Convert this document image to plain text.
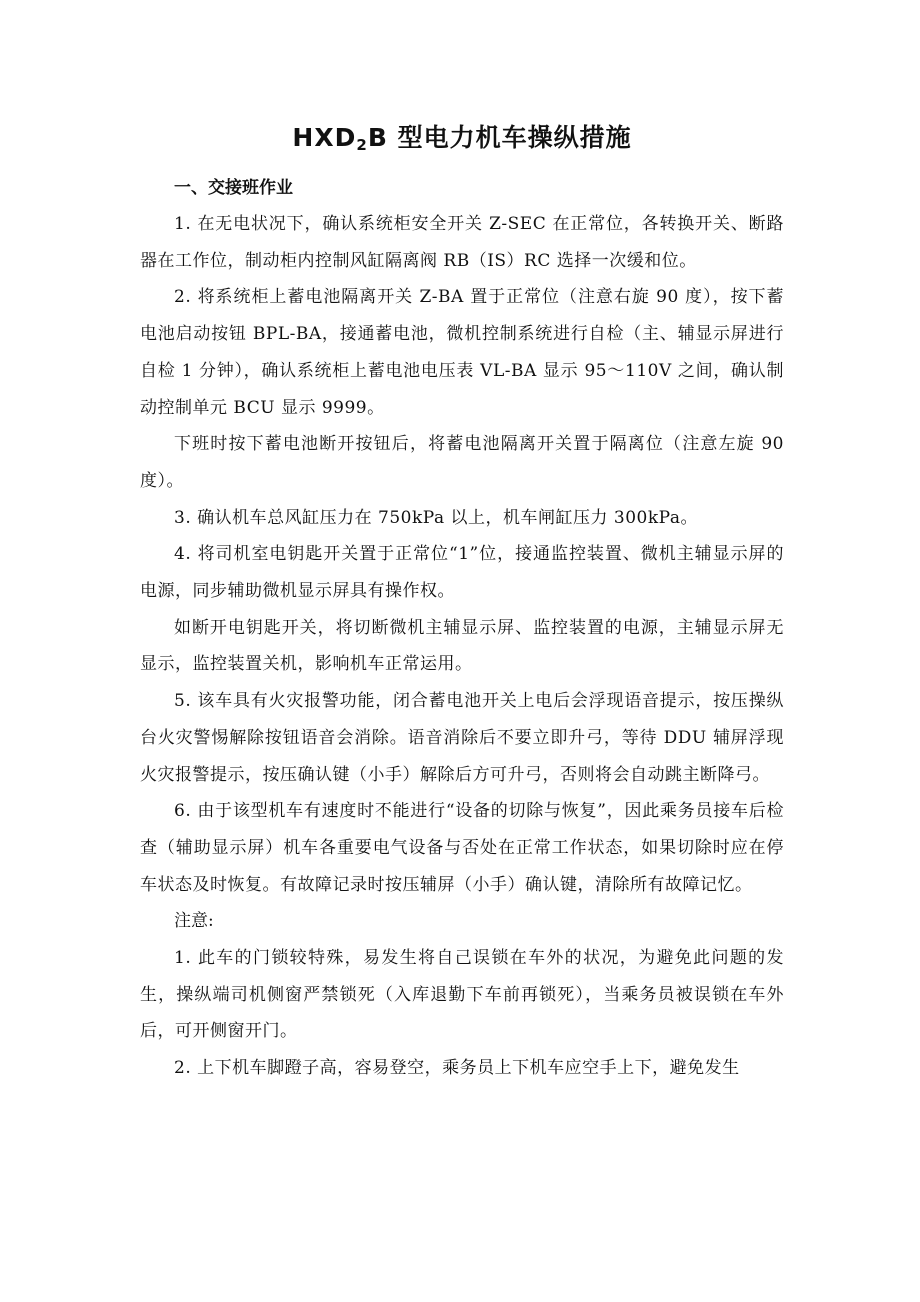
$HXD_2B$ 型电力机车操纵措施

一、交接班作业

1. 在无电状况下，确认系统柜安全开关 Z-SEC 在正常位，各转换开关、断路器在工作位，制动柜内控制风缸隔离阀 RB（IS）RC 选择一次缓和位。

2. 将系统柜上蓄电池隔离开关 Z-BA 置于正常位（注意右旋 90 度），按下蓄电池启动按钮 BPL-BA，接通蓄电池，微机控制系统进行自检（主、辅显示屏进行自检 1 分钟），确认系统柜上蓄电池电压表 VL-BA 显示 95～110V 之间，确认制动控制单元 BCU 显示 9999。

下班时按下蓄电池断开按钮后，将蓄电池隔离开关置于隔离位（注意左旋 90 度）。

3. 确认机车总风缸压力在 750kPa 以上，机车闸缸压力 300kPa。

4. 将司机室电钥匙开关置于正常位“1”位，接通监控装置、微机主辅显示屏的电源，同步辅助微机显示屏具有操作权。

如断开电钥匙开关，将切断微机主辅显示屏、监控装置的电源，主辅显示屏无显示，监控装置关机，影响机车正常运用。

5. 该车具有火灾报警功能，闭合蓄电池开关上电后会浮现语音提示，按压操纵台火灾警惕解除按钮语音会消除。语音消除后不要立即升弓，等待 DDU 辅屏浮现火灾报警提示，按压确认键（小手）解除后方可升弓，否则将会自动跳主断降弓。

6. 由于该型机车有速度时不能进行“设备的切除与恢复”，因此乘务员接车后检查（辅助显示屏）机车各重要电气设备与否处在正常工作状态，如果切除时应在停车状态及时恢复。有故障记录时按压辅屏（小手）确认键，清除所有故障记忆。

注意:

1. 此车的门锁较特殊，易发生将自己误锁在车外的状况，为避免此问题的发生，操纵端司机侧窗严禁锁死（入库退勤下车前再锁死），当乘务员被误锁在车外后，可开侧窗开门。

2. 上下机车脚蹬子高，容易登空，乘务员上下机车应空手上下，避免发生
